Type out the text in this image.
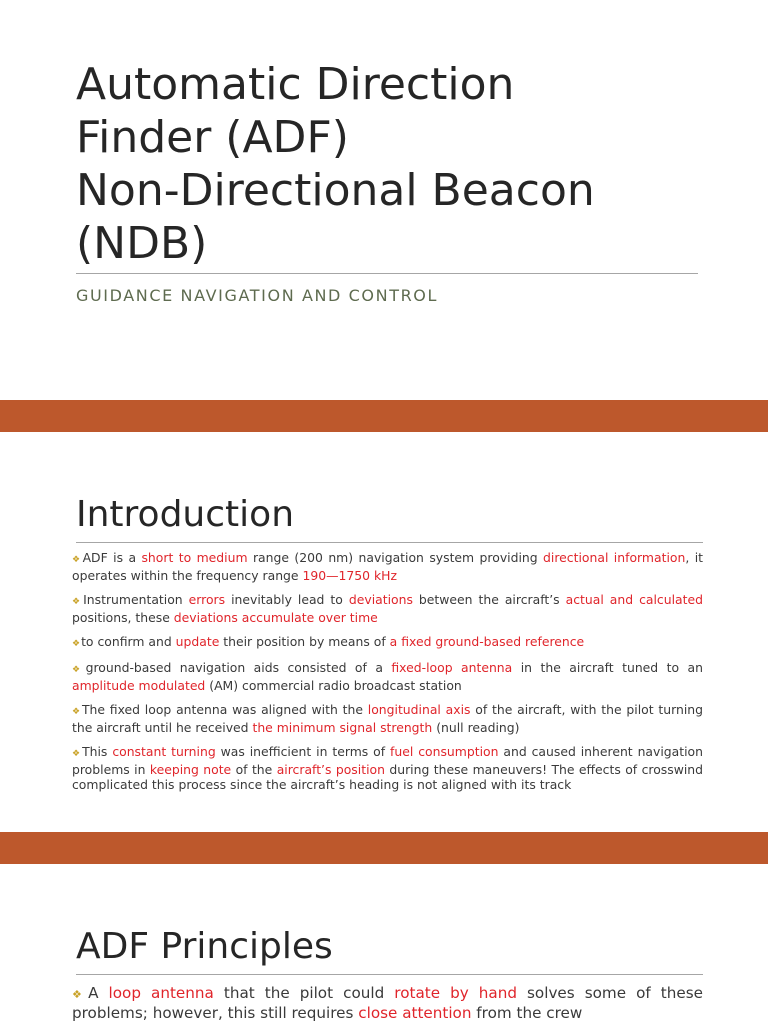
Automatic Direction
Finder (ADF)
Non-Directional Beacon
(NDB)
GUIDANCE NAVIGATION AND CONTROL
Introduction
❖ADF is a short to medium range (200 nm) navigation system providing directional information, it operates within the frequency range 190—1750 kHz
❖Instrumentation errors inevitably lead to deviations between the aircraft’s actual and calculated positions, these deviations accumulate over time
❖to confirm and update their position by means of a fixed ground-based reference
❖ground-based navigation aids consisted of a fixed-loop antenna in the aircraft tuned to an amplitude modulated (AM) commercial radio broadcast station
❖The fixed loop antenna was aligned with the longitudinal axis of the aircraft, with the pilot turning the aircraft until he received the minimum signal strength (null reading)
❖This constant turning was inefficient in terms of fuel consumption and caused inherent navigation problems in keeping note of the aircraft’s position during these maneuvers! The effects of crosswind complicated this process since the aircraft’s heading is not aligned with its track
ADF Principles
❖A loop antenna that the pilot could rotate by hand solves some of these problems; however, this still requires close attention from the crew
